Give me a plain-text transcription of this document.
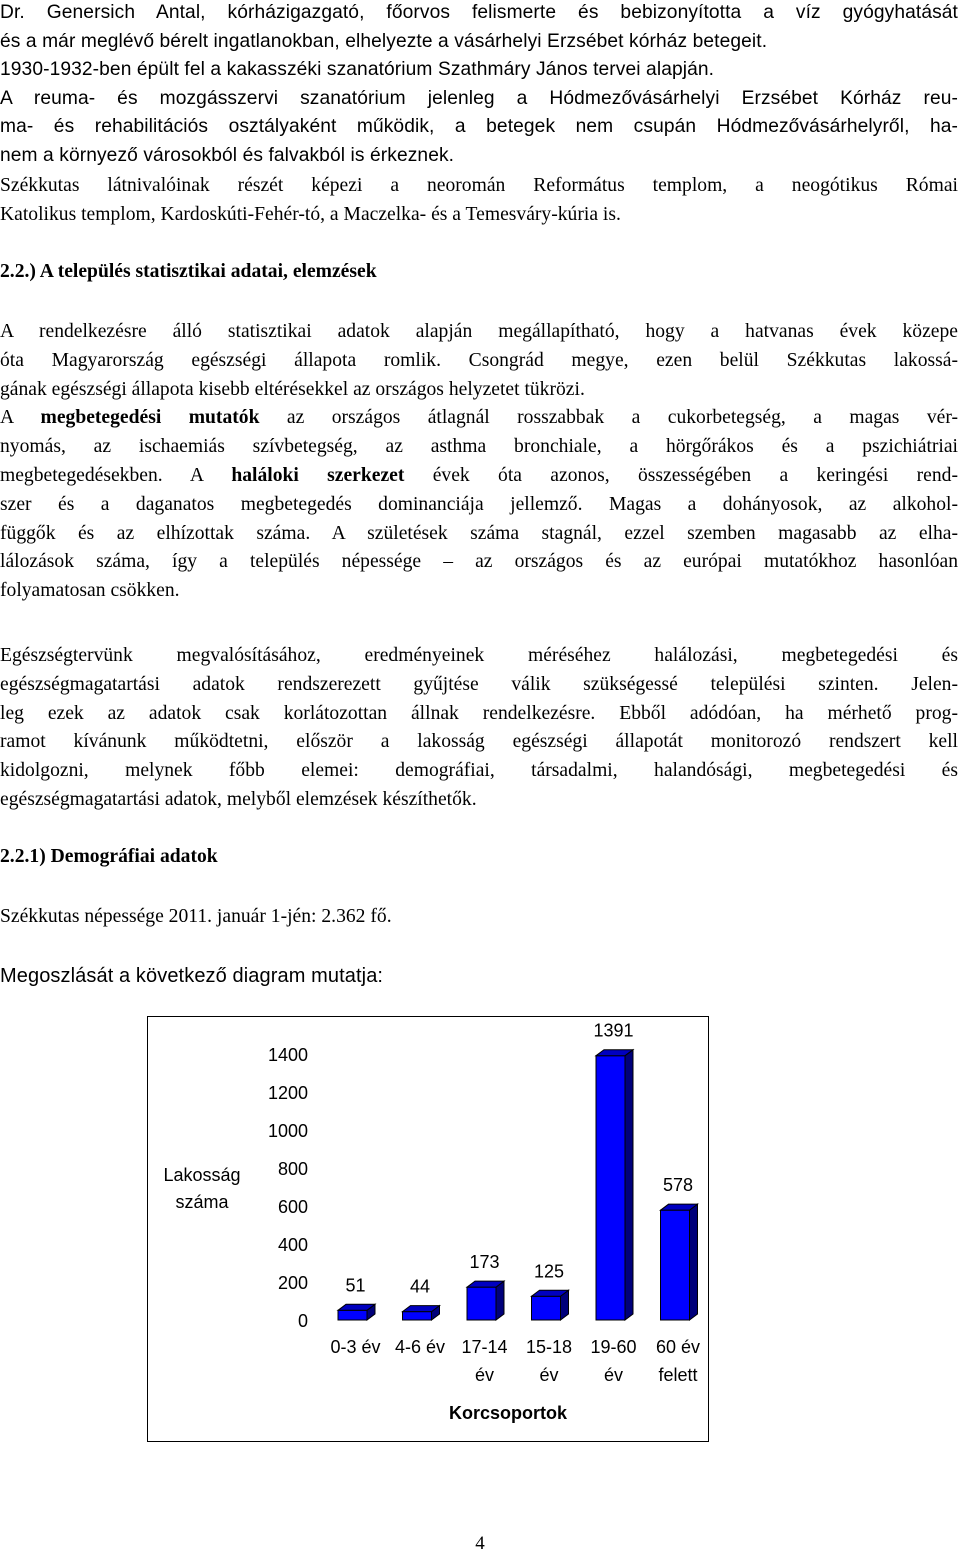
Dr. Genersich Antal, kórházigazgató, főorvos felismerte és bebizonyította a víz gyógyhatását
és a már meglévő bérelt ingatlanokban, elhelyezte a vásárhelyi Erzsébet kórház betegeit.
1930-1932-ben épült fel a kakasszéki szanatórium Szathmáry János tervei alapján.
A reuma- és mozgásszervi szanatórium jelenleg a Hódmezővásárhelyi Erzsébet Kórház reu-
ma- és rehabilitációs osztályaként működik, a betegek nem csupán Hódmezővásárhelyről, ha-
nem a környező városokból és falvakból is érkeznek.
Székkutas látnivalóinak részét képezi a neoromán Református templom, a neogótikus Római
Katolikus templom, Kardoskúti-Fehér-tó, a Maczelka- és a Temesváry-kúria is.
2.2.) A település statisztikai adatai, elemzések
A rendelkezésre álló statisztikai adatok alapján megállapítható, hogy a hatvanas évek közepe
óta Magyarország egészségi állapota romlik. Csongrád megye, ezen belül Székkutas lakossá-
gának egészségi állapota kisebb eltérésekkel az országos helyzetet tükrözi.
A megbetegedési mutatók az országos átlagnál rosszabbak a cukorbetegség, a magas vér-
nyomás, az ischaemiás szívbetegség, az asthma bronchiale, a hörgőrákos és a pszichiátriai
megbetegedésekben. A haláloki szerkezet évek óta azonos, összességében a keringési rend-
szer és a daganatos megbetegedés dominanciája jellemző. Magas a dohányosok, az alkohol-
függők és az elhízottak száma. A születések száma stagnál, ezzel szemben magasabb az elha-
lálozások száma, így a település népessége – az országos és az európai mutatókhoz hasonlóan
folyamatosan csökken.
Egészségtervünk megvalósításához, eredményeinek méréséhez halálozási, megbetegedési és
egészségmagatartási adatok rendszerezett gyűjtése válik szükségessé települési szinten. Jelen-
leg ezek az adatok csak korlátozottan állnak rendelkezésre. Ebből adódóan, ha mérhető prog-
ramot kívánunk működtetni, először a lakosság egészségi állapotát monitorozó rendszert kell
kidolgozni, melynek főbb elemei: demográfiai, társadalmi, halandósági, megbetegedési és
egészségmagatartási adatok, melyből elemzések készíthetők.
2.2.1) Demográfiai adatok
Székkutas népessége 2011. január 1-jén: 2.362 fő.
Megoszlását a következő diagram mutatja:
0
200
400
600
800
1000
1200
1400
Lakosság
száma
51 44
173 125
1391
578
0-3 év 4-6 év 17-14
év
15-18
év
19-60
év
60 év
felett
Korcsoportok
4
